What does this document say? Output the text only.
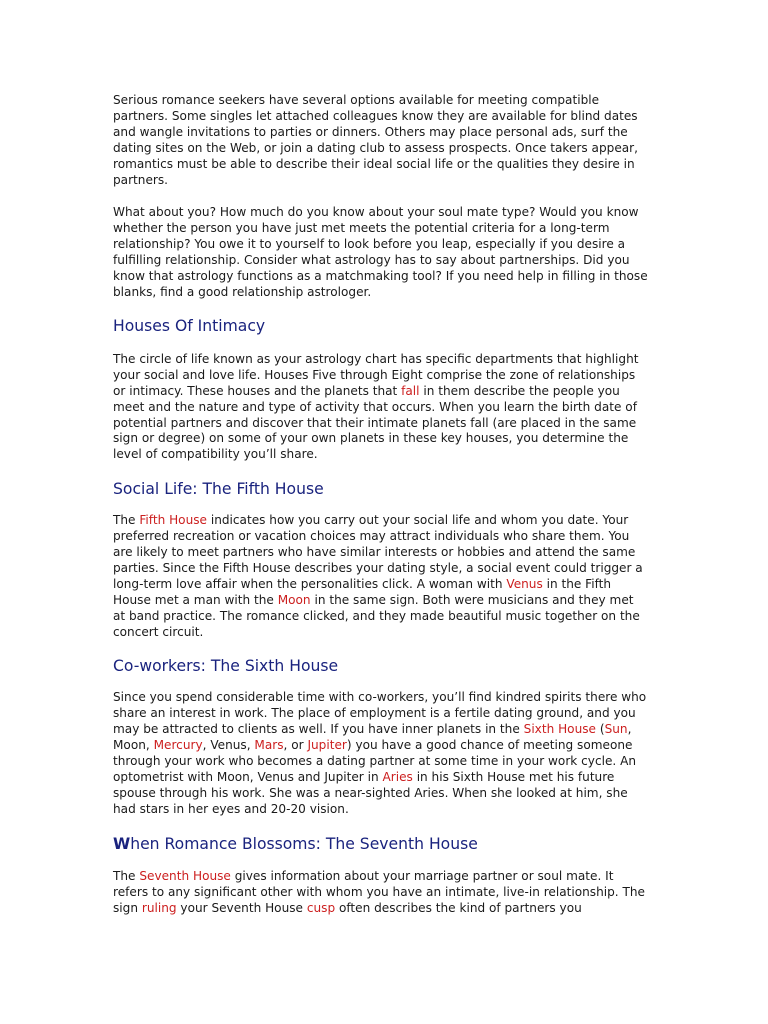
Serious romance seekers have several options available for meeting compatible partners. Some singles let attached colleagues know they are available for blind dates and wangle invitations to parties or dinners. Others may place personal ads, surf the dating sites on the Web, or join a dating club to assess prospects. Once takers appear, romantics must be able to describe their ideal social life or the qualities they desire in partners.

What about you? How much do you know about your soul mate type? Would you know whether the person you have just met meets the potential criteria for a long-term relationship? You owe it to yourself to look before you leap, especially if you desire a fulfilling relationship. Consider what astrology has to say about partnerships. Did you know that astrology functions as a matchmaking tool? If you need help in filling in those blanks, find a good relationship astrologer.

Houses Of Intimacy

The circle of life known as your astrology chart has specific departments that highlight your social and love life. Houses Five through Eight comprise the zone of relationships or intimacy. These houses and the planets that fall in them describe the people you meet and the nature and type of activity that occurs. When you learn the birth date of potential partners and discover that their intimate planets fall (are placed in the same sign or degree) on some of your own planets in these key houses, you determine the level of compatibility you’ll share.

Social Life: The Fifth House

The Fifth House indicates how you carry out your social life and whom you date. Your preferred recreation or vacation choices may attract individuals who share them. You are likely to meet partners who have similar interests or hobbies and attend the same parties. Since the Fifth House describes your dating style, a social event could trigger a long-term love affair when the personalities click. A woman with Venus in the Fifth House met a man with the Moon in the same sign. Both were musicians and they met at band practice. The romance clicked, and they made beautiful music together on the concert circuit.

Co-workers: The Sixth House

Since you spend considerable time with co-workers, you’ll find kindred spirits there who share an interest in work. The place of employment is a fertile dating ground, and you may be attracted to clients as well. If you have inner planets in the Sixth House (Sun, Moon, Mercury, Venus, Mars, or Jupiter) you have a good chance of meeting someone through your work who becomes a dating partner at some time in your work cycle. An optometrist with Moon, Venus and Jupiter in Aries in his Sixth House met his future spouse through his work. She was a near-sighted Aries. When she looked at him, she had stars in her eyes and 20-20 vision.

When Romance Blossoms: The Seventh House

The Seventh House gives information about your marriage partner or soul mate. It refers to any significant other with whom you have an intimate, live-in relationship. The sign ruling your Seventh House cusp often describes the kind of partners you
